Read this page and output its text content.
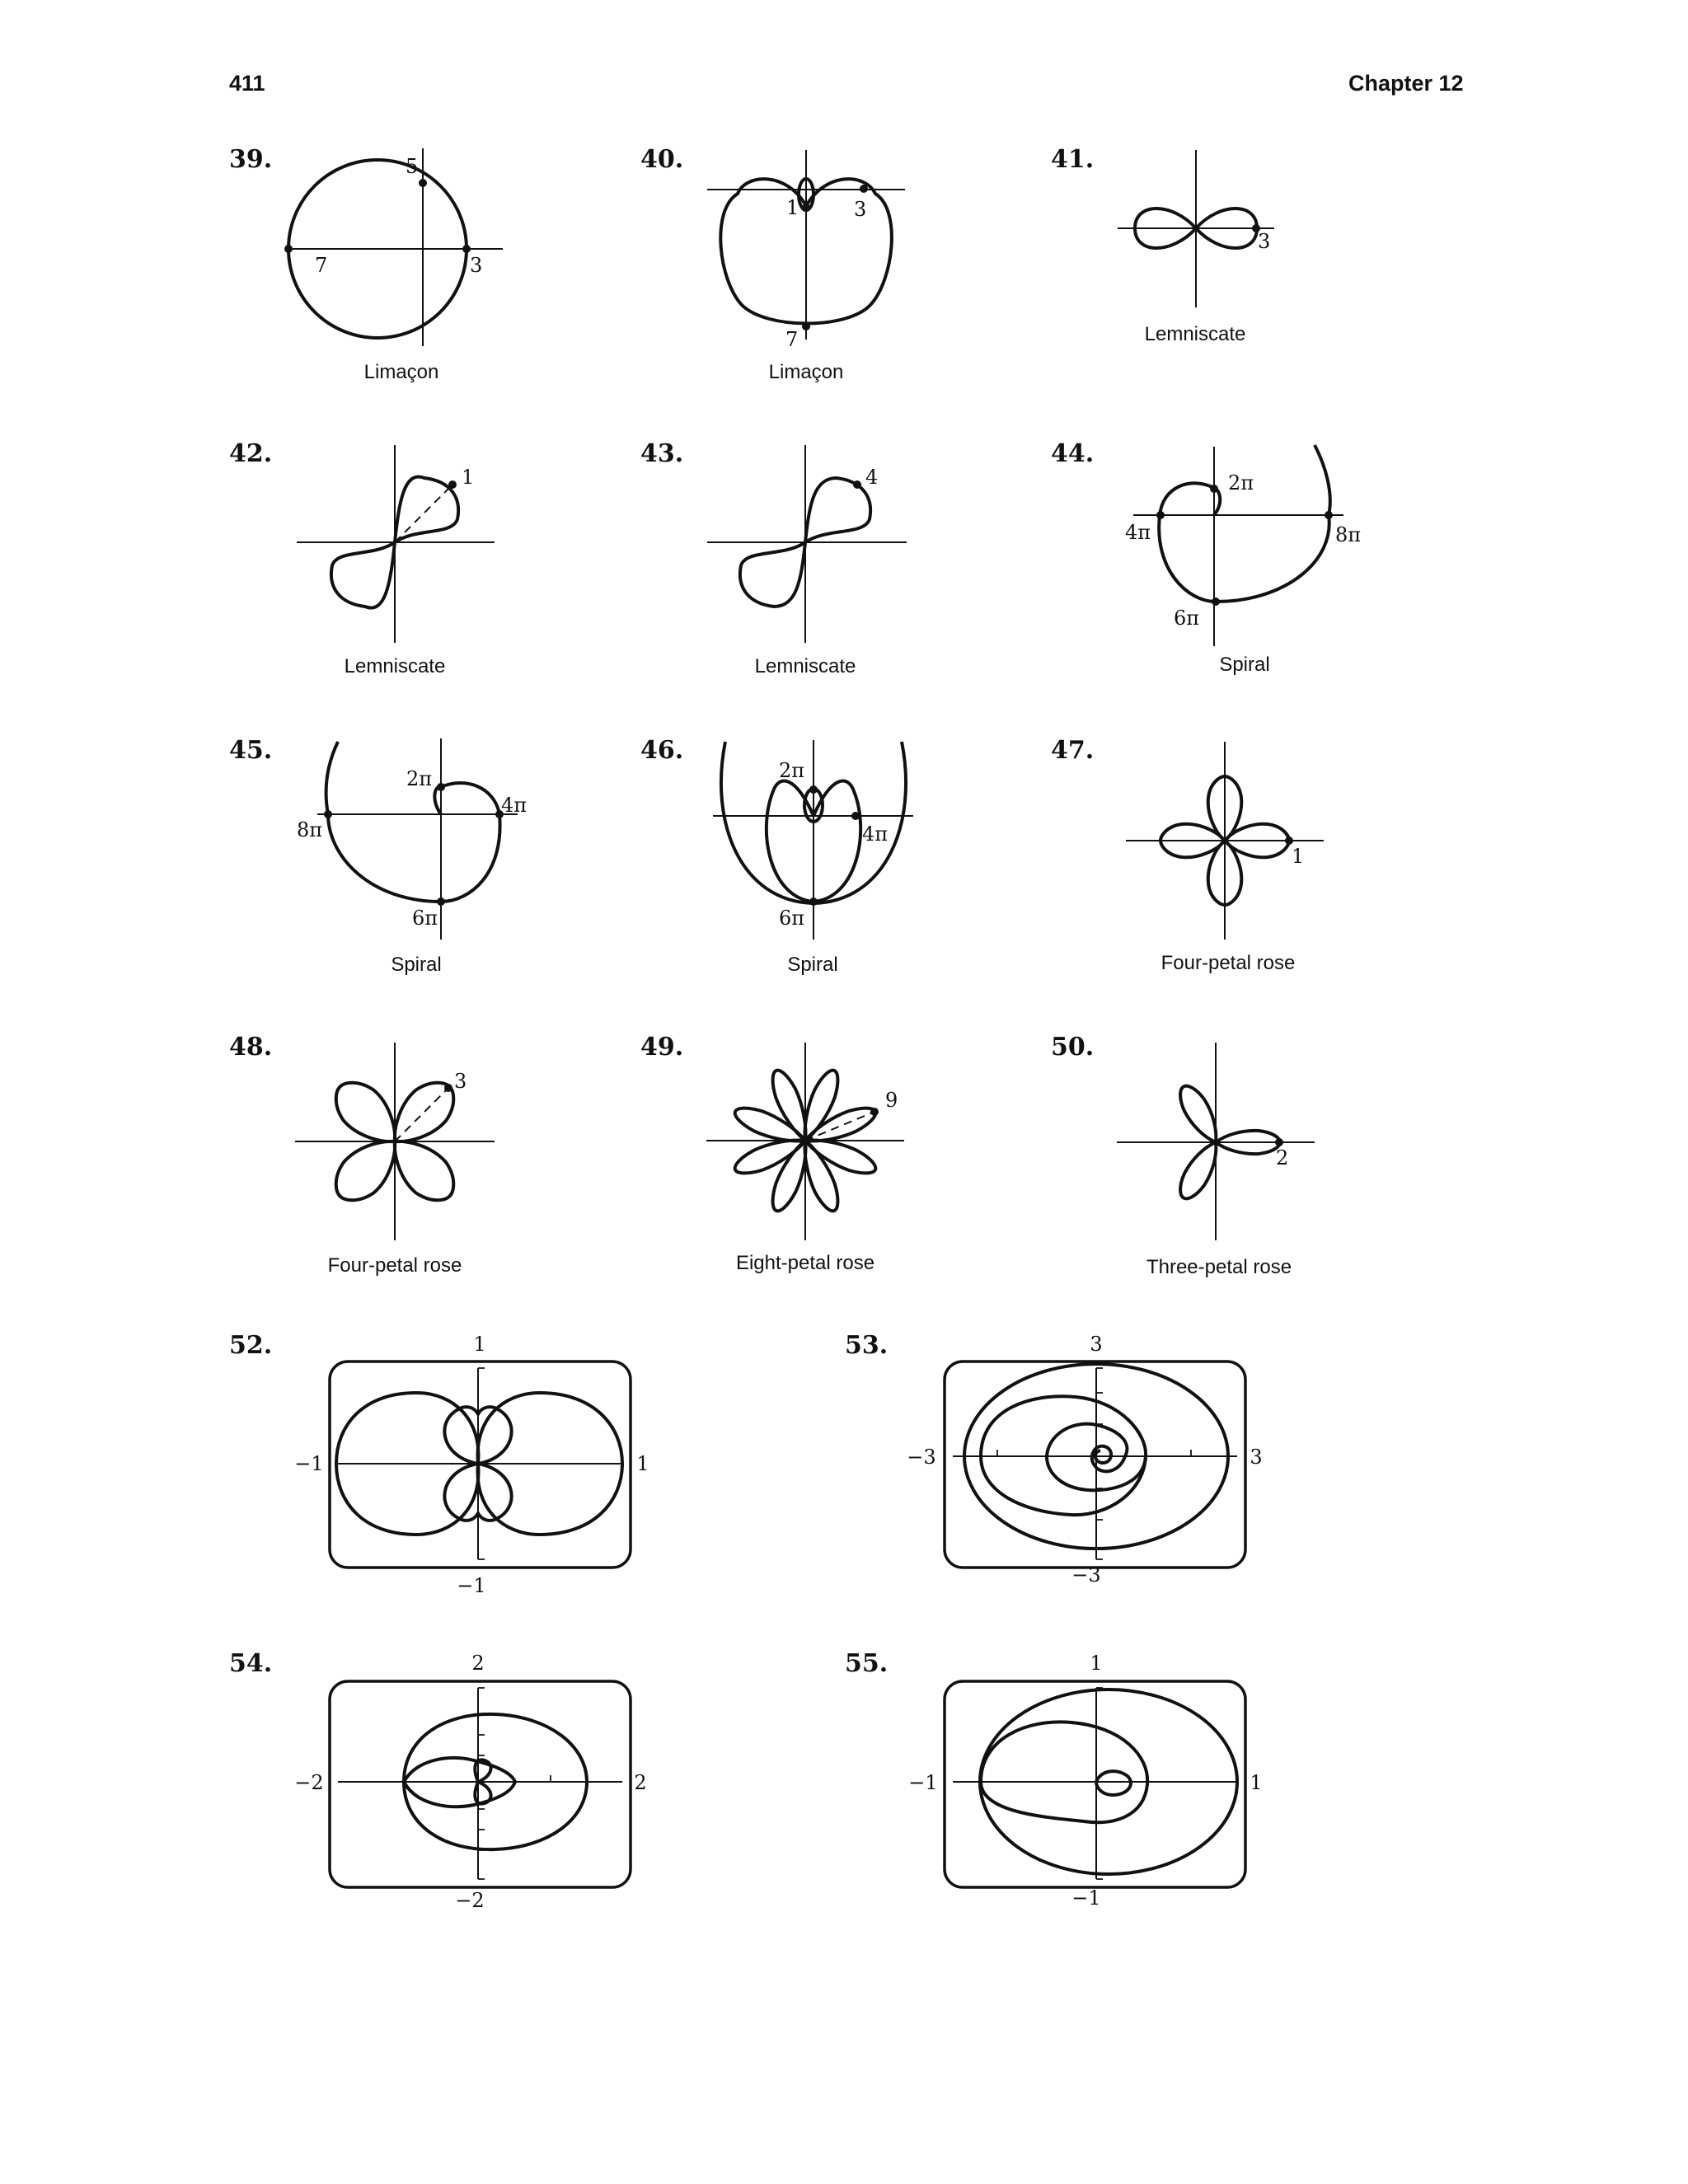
411	Chapter 12
39.	5
7	3
Limaçon
40.
1	3
7
Limaçon
41.
3
Lemniscate
42.
1
Lemniscate
43.
4
Lemniscate
44.
2π
4π	8π
6π
Spiral
45.
2π
4π
8π
6π
Spiral
46.
2π
4π
6π
Spiral
47.
1
Four-petal rose
48.
3
Four-petal rose
49.
9
Eight-petal rose
50.
2
Three-petal rose
52.	1
−1	1
−1
53.	3
−3	3
−3
54.	2
−2	2
−2
55.	1
−1	1
−1
